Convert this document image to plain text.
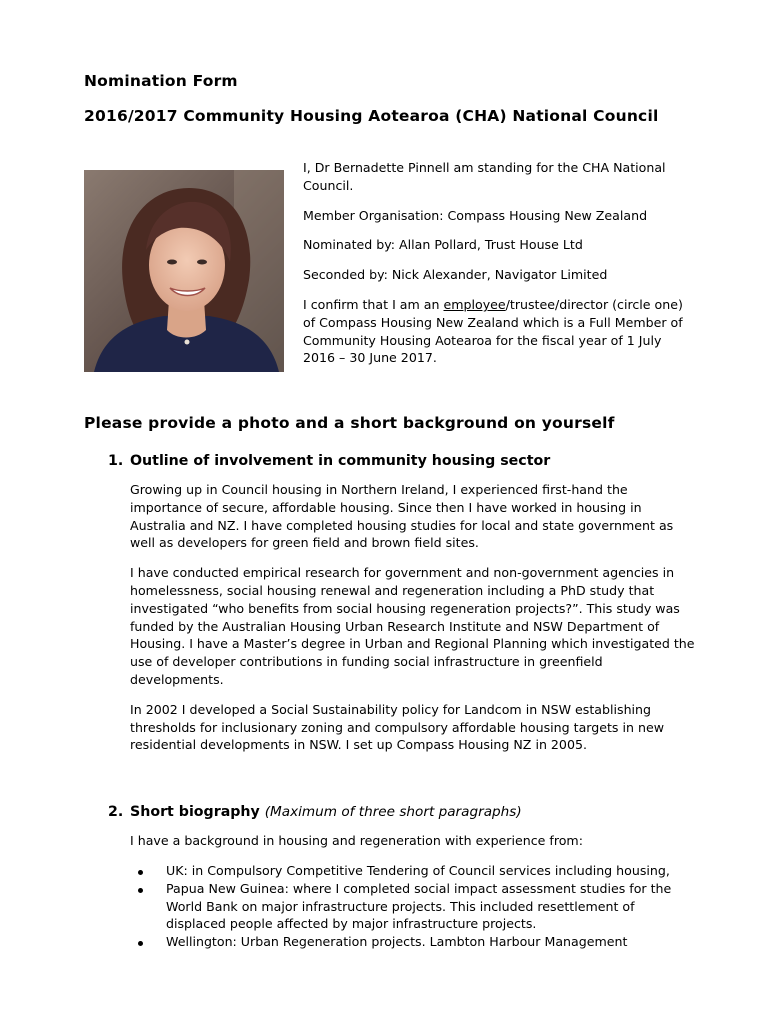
Nomination Form
2016/2017 Community Housing Aotearoa (CHA) National Council

I, Dr Bernadette Pinnell am standing for the CHA National Council.

Member Organisation: Compass Housing New Zealand

Nominated by: Allan Pollard, Trust House Ltd

Seconded by: Nick Alexander, Navigator Limited

I confirm that I am an employee/trustee/director (circle one) of Compass Housing New Zealand which is a Full Member of Community Housing Aotearoa for the fiscal year of 1 July 2016 – 30 June 2017.

Please provide a photo and a short background on yourself
1. Outline of involvement in community housing sector

Growing up in Council housing in Northern Ireland, I experienced first-hand the importance of secure, affordable housing. Since then I have worked in housing in Australia and NZ. I have completed housing studies for local and state government as well as developers for green field and brown field sites.

I have conducted empirical research for government and non-government agencies in homelessness, social housing renewal and regeneration including a PhD study that investigated “who benefits from social housing regeneration projects?”. This study was funded by the Australian Housing Urban Research Institute and NSW Department of Housing. I have a Master’s degree in Urban and Regional Planning which investigated the use of developer contributions in funding social infrastructure in greenfield developments.

In 2002 I developed a Social Sustainability policy for Landcom in NSW establishing thresholds for inclusionary zoning and compulsory affordable housing targets in new residential developments in NSW. I set up Compass Housing NZ in 2005.

2. Short biography (Maximum of three short paragraphs)

I have a background in housing and regeneration with experience from:

UK: in Compulsory Competitive Tendering of Council services including housing,
Papua New Guinea: where I completed social impact assessment studies for the World Bank on major infrastructure projects. This included resettlement of displaced people affected by major infrastructure projects.
Wellington: Urban Regeneration projects. Lambton Harbour Management
